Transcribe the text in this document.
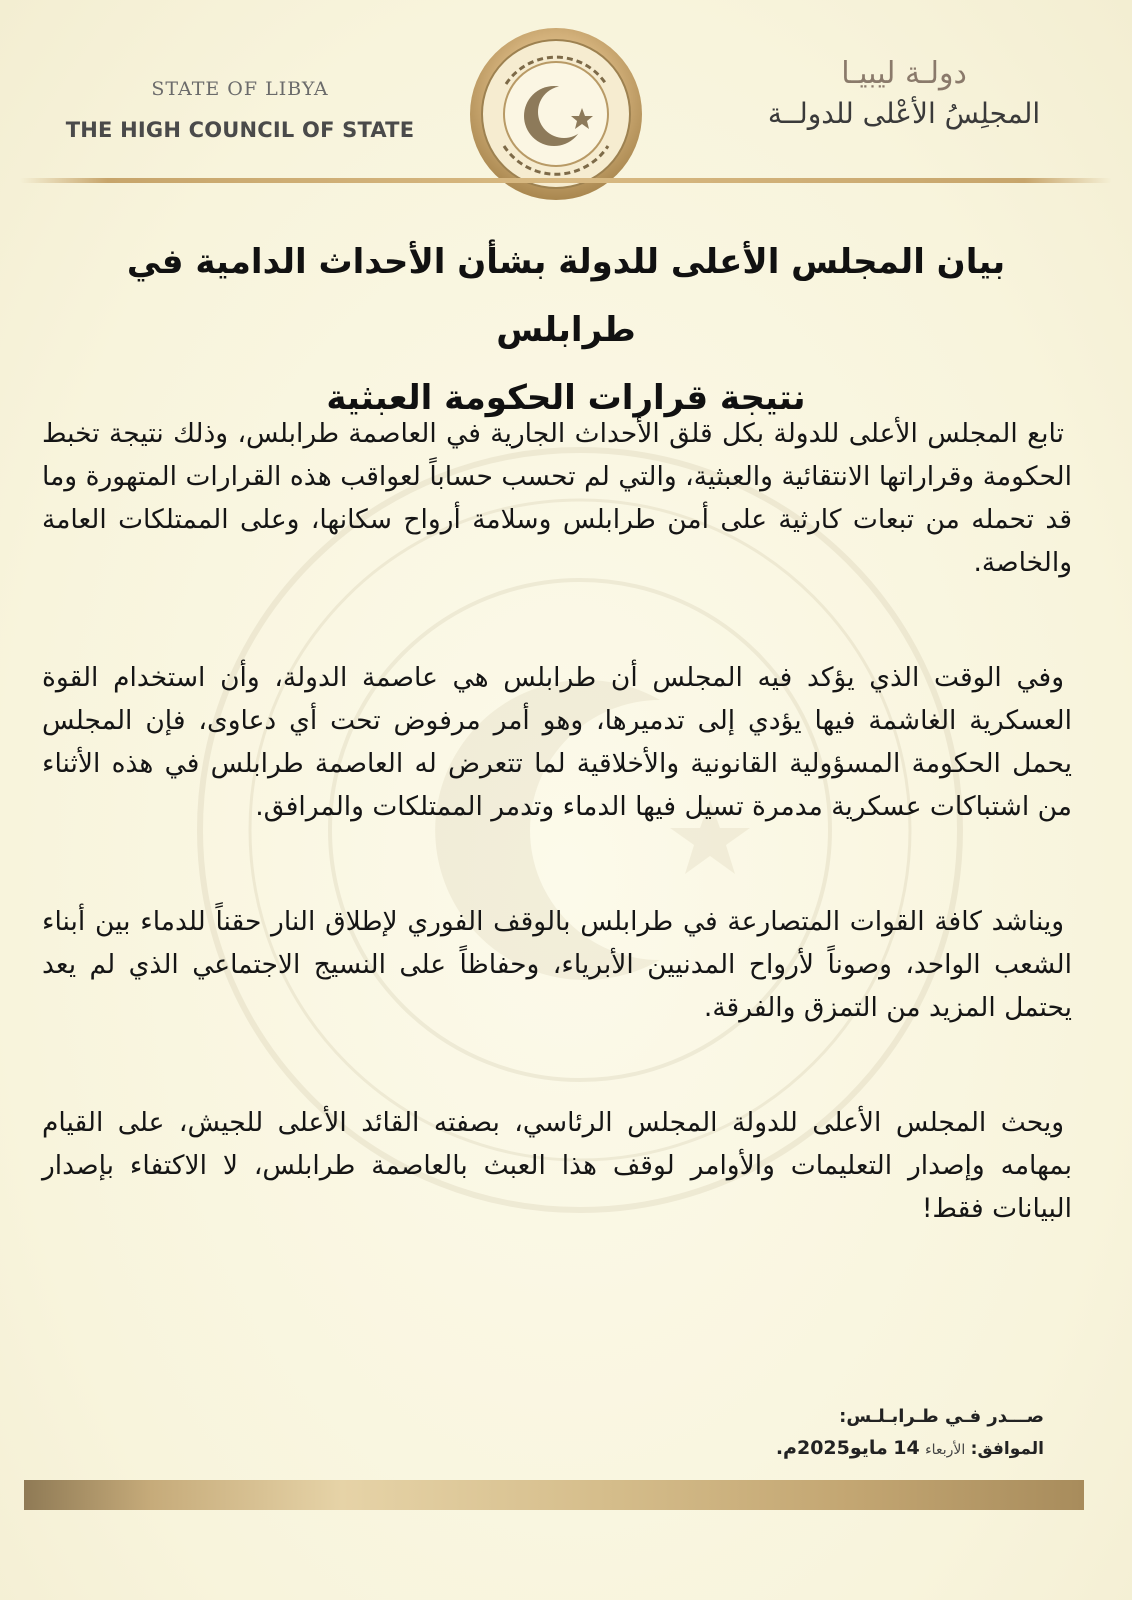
STATE OF LIBYA
THE HIGH COUNCIL OF STATE
دولـة ليبيـا
المجلِسُ الأعْلى للدولــة
بيان المجلس الأعلى للدولة بشأن الأحداث الدامية في طرابلس
نتيجة قرارات الحكومة العبثية

تابع المجلس الأعلى للدولة بكل قلق الأحداث الجارية في العاصمة طرابلس، وذلك نتيجة تخبط الحكومة وقراراتها الانتقائية والعبثية، والتي لم تحسب حساباً لعواقب هذه القرارات المتهورة وما قد تحمله من تبعات كارثية على أمن طرابلس وسلامة أرواح سكانها، وعلى الممتلكات العامة والخاصة.

وفي الوقت الذي يؤكد فيه المجلس أن طرابلس هي عاصمة الدولة، وأن استخدام القوة العسكرية الغاشمة فيها يؤدي إلى تدميرها، وهو أمر مرفوض تحت أي دعاوى، فإن المجلس يحمل الحكومة المسؤولية القانونية والأخلاقية لما تتعرض له العاصمة طرابلس في هذه الأثناء من اشتباكات عسكرية مدمرة تسيل فيها الدماء وتدمر الممتلكات والمرافق.

ويناشد كافة القوات المتصارعة في طرابلس بالوقف الفوري لإطلاق النار حقناً للدماء بين أبناء الشعب الواحد، وصوناً لأرواح المدنيين الأبرياء، وحفاظاً على النسيج الاجتماعي الذي لم يعد يحتمل المزيد من التمزق والفرقة.

ويحث المجلس الأعلى للدولة المجلس الرئاسي، بصفته القائد الأعلى للجيش، على القيام بمهامه وإصدار التعليمات والأوامر لوقف هذا العبث بالعاصمة طرابلس، لا الاكتفاء بإصدار البيانات فقط!

صـــدر فـي طـرابـلـس:
الموافق: الأربعاء 14 مايو2025م.
